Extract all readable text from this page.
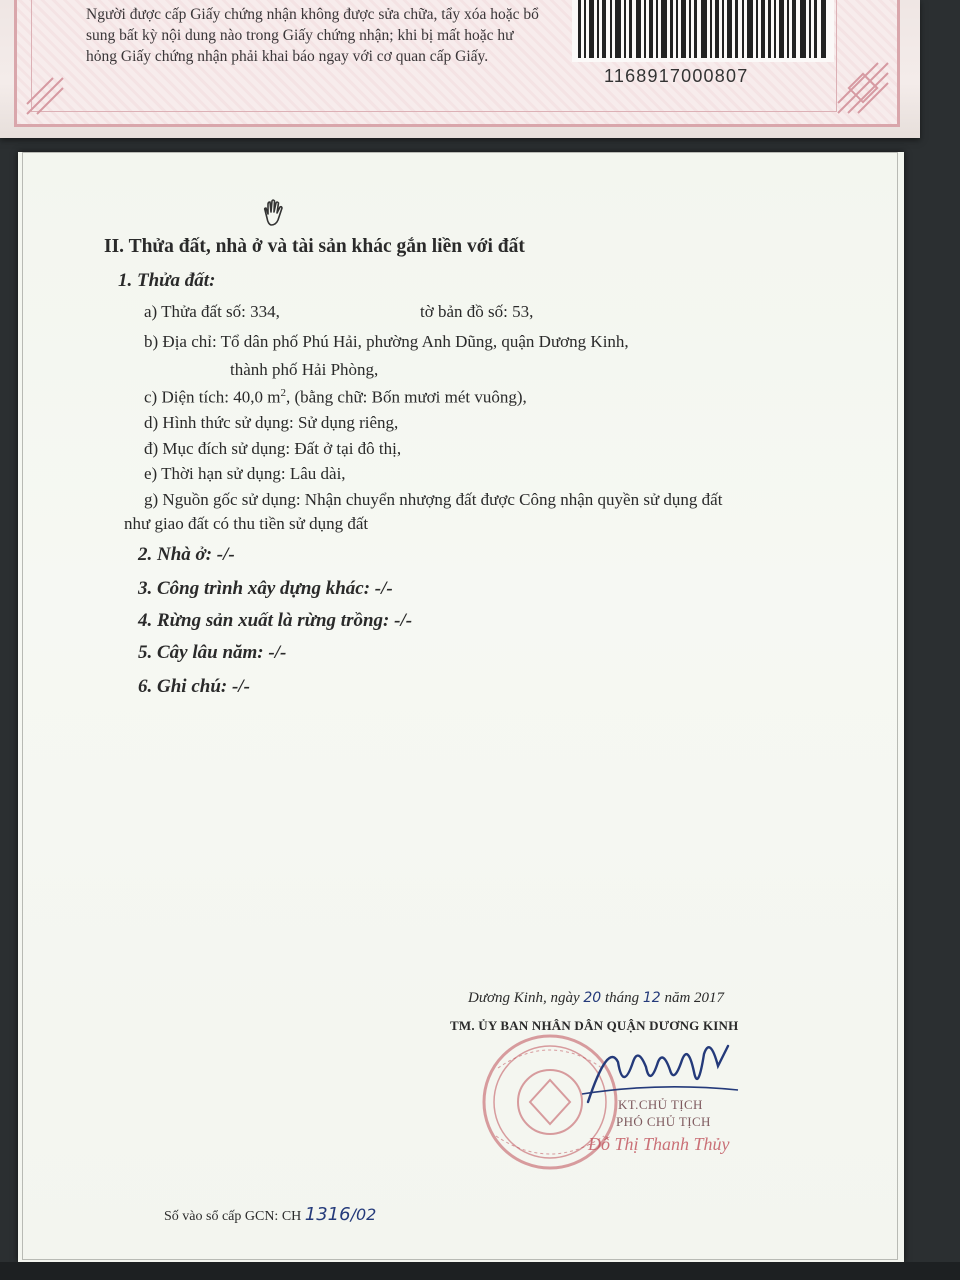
Người được cấp Giấy chứng nhận không được sửa chữa, tẩy xóa hoặc bổ
sung bất kỳ nội dung nào trong Giấy chứng nhận; khi bị mất hoặc hư
hỏng Giấy chứng nhận phải khai báo ngay với cơ quan cấp Giấy.
1168917000807
II. Thửa đất, nhà ở và tài sản khác gắn liền với đất
1. Thửa đất:
a) Thửa đất số: 334,	tờ bản đồ số: 53,
b) Địa chỉ: Tổ dân phố Phú Hải, phường Anh Dũng, quận Dương Kinh,
thành phố Hải Phòng,
c) Diện tích: 40,0 $m^2$, (bằng chữ: Bốn mươi mét vuông),
d) Hình thức sử dụng: Sử dụng riêng,
đ) Mục đích sử dụng: Đất ở tại đô thị,
e) Thời hạn sử dụng: Lâu dài,
g) Nguồn gốc sử dụng: Nhận chuyển nhượng đất được Công nhận quyền sử dụng đất
như giao đất có thu tiền sử dụng đất
2. Nhà ở: -/-
3. Công trình xây dựng khác: -/-
4. Rừng sản xuất là rừng trồng: -/-
5. Cây lâu năm: -/-
6. Ghi chú: -/-
Dương Kinh, ngày 20 tháng 12 năm 2017
TM. ỦY BAN NHÂN DÂN QUẬN DƯƠNG KINH
KT.CHỦ TỊCH
PHÓ CHỦ TỊCH
Đỗ Thị Thanh Thủy
Số vào sổ cấp GCN: CH 1316/02
